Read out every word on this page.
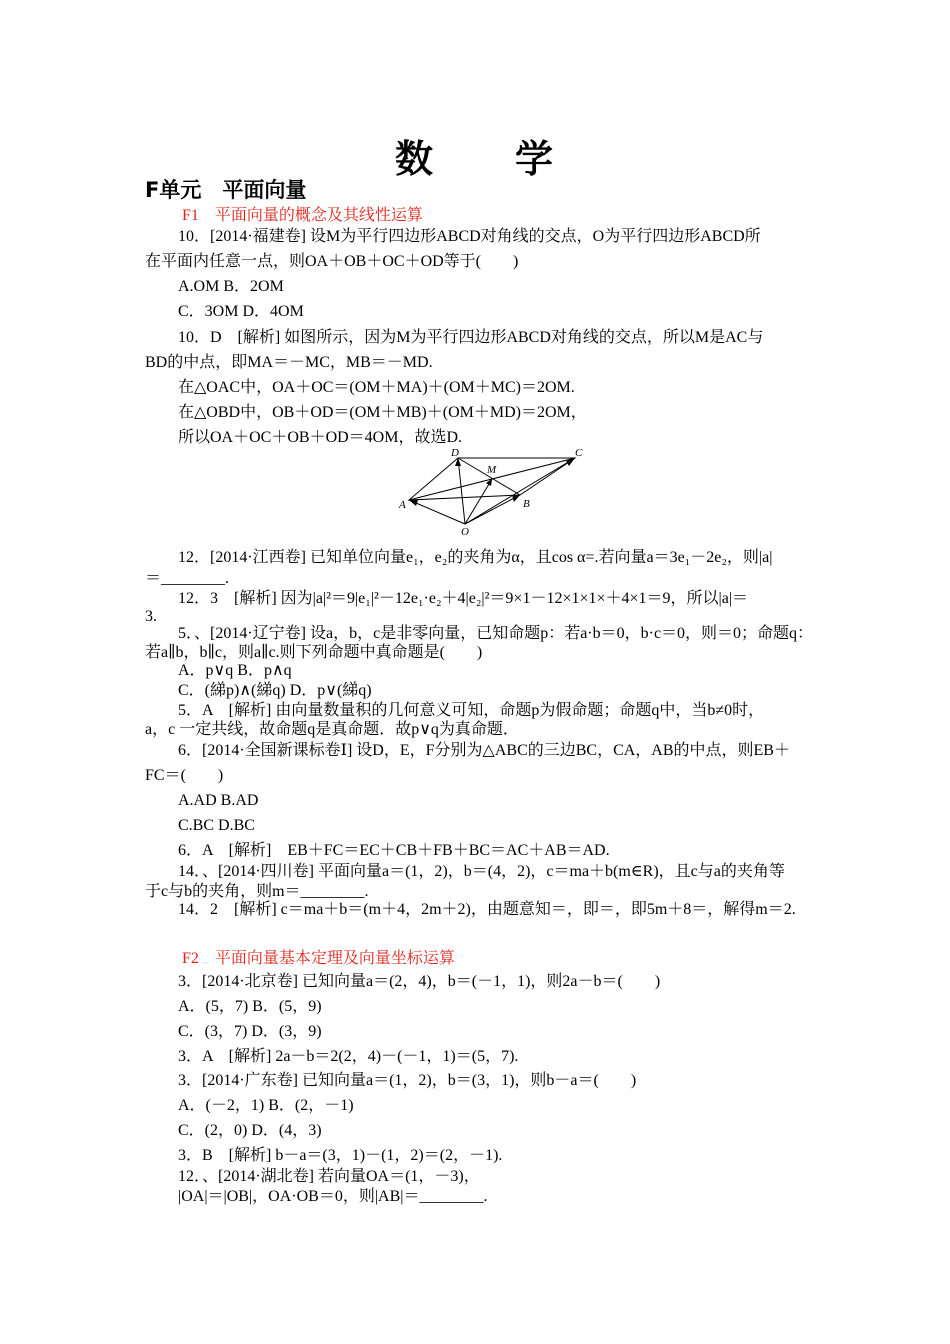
数　　学
F单元　平面向量
F1　平面向量的概念及其线性运算
10．[2014·福建卷] 设M为平行四边形ABCD对角线的交点，O为平行四边形ABCD所
在平面内任意一点，则OA＋OB＋OC＋OD等于(　　)
A.OM B．2OM
C．3OM D．4OM
10．D　[解析] 如图所示，因为M为平行四边形ABCD对角线的交点，所以M是AC与
BD的中点，即MA＝－MC，MB＝－MD.
在△OAC中，OA＋OC＝(OM＋MA)＋(OM＋MC)＝2OM.
在△OBD中，OB＋OD＝(OM＋MB)＋(OM＋MD)＝2OM，
所以OA＋OC＋OB＋OD＝4OM，故选D.
D	C
M
A	B
O
12．[2014·江西卷] 已知单位向量e₁，e₂的夹角为α，且cos α=.若向量a＝3e₁－2e₂，则|a|
＝________.
12．3　[解析] 因为|a|²＝9|e₁|²－12e₁·e₂＋4|e₂|²＝9×1－12×1×1×＋4×1＝9，所以|a|＝
3.
5．、[2014·辽宁卷] 设a，b，c是非零向量，已知命题p：若a·b＝0，b·c＝0，则＝0；命题q：
若a∥b，b∥c，则a∥c.则下列命题中真命题是(　　)
A．p∨q B．p∧q
C．(綈p)∧(綈q) D．p∨(綈q)
5．A　[解析] 由向量数量积的几何意义可知，命题p为假命题；命题q中，当b≠0时，
a，c 一定共线，故命题q是真命题．故p∨q为真命题．
6．[2014·全国新课标卷Ⅰ] 设D，E，F分别为△ABC的三边BC，CA，AB的中点，则EB＋
FC＝(　　)
A.AD B.AD
C.BC D.BC
6．A　[解析]　EB＋FC＝EC＋CB＋FB＋BC＝AC＋AB＝AD.
14．、[2014·四川卷] 平面向量a＝(1，2)，b＝(4，2)，c＝ma＋b(m∈R)，且c与a的夹角等
于c与b的夹角，则m＝________.
14．2　[解析] c＝ma＋b＝(m＋4，2m＋2)，由题意知＝，即＝，即5m＋8＝，解得m＝2.
F2　平面向量基本定理及向量坐标运算
3．[2014·北京卷] 已知向量a＝(2，4)，b＝(－1，1)，则2a－b＝(　　)
A．(5，7) B．(5，9)
C．(3，7) D．(3，9)
3．A　[解析] 2a－b＝2(2，4)－(－1，1)＝(5，7).
3．[2014·广东卷] 已知向量a＝(1，2)，b＝(3，1)，则b－a＝(　　)
A．(－2，1) B．(2，－1)
C．(2，0) D．(4，3)
3．B　[解析] b－a＝(3，1)－(1，2)＝(2，－1).
12．、[2014·湖北卷] 若向量OA＝(1，－3)，
|OA|＝|OB|，OA·OB＝0，则|AB|＝________.
